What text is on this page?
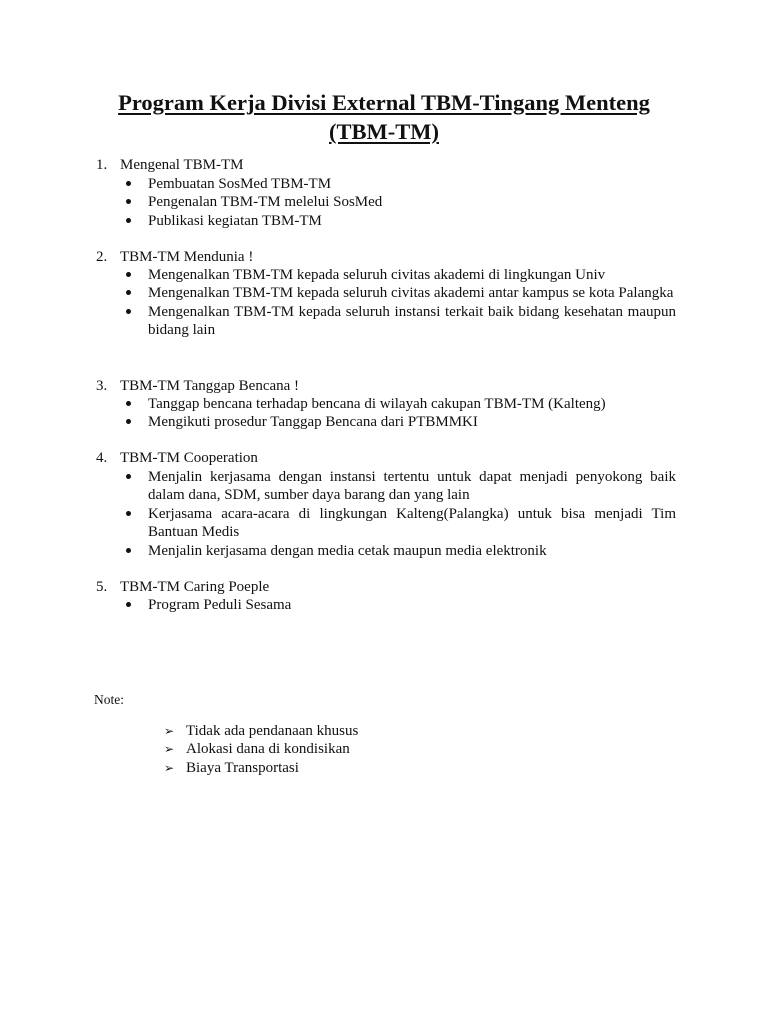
Program Kerja Divisi External TBM-Tingang Menteng
(TBM-TM)
1. Mengenal TBM-TM
Pembuatan SosMed TBM-TM
Pengenalan TBM-TM melelui SosMed
Publikasi kegiatan TBM-TM
2. TBM-TM Mendunia !
Mengenalkan TBM-TM kepada seluruh civitas akademi di lingkungan Univ
Mengenalkan TBM-TM kepada seluruh civitas akademi antar kampus se kota Palangka
Mengenalkan TBM-TM kepada seluruh instansi terkait baik bidang kesehatan maupun bidang lain
3. TBM-TM Tanggap Bencana !
Tanggap bencana terhadap bencana di wilayah cakupan TBM-TM (Kalteng)
Mengikuti prosedur Tanggap Bencana dari PTBMMKI
4. TBM-TM Cooperation
Menjalin kerjasama dengan instansi tertentu untuk dapat menjadi penyokong baik dalam dana, SDM, sumber daya barang dan yang lain
Kerjasama acara-acara di lingkungan Kalteng(Palangka) untuk bisa menjadi Tim Bantuan Medis
Menjalin kerjasama dengan media cetak maupun media elektronik
5. TBM-TM Caring Poeple
Program Peduli Sesama
Note:
➢ Tidak ada pendanaan khusus
➢ Alokasi dana di kondisikan
➢ Biaya Transportasi
